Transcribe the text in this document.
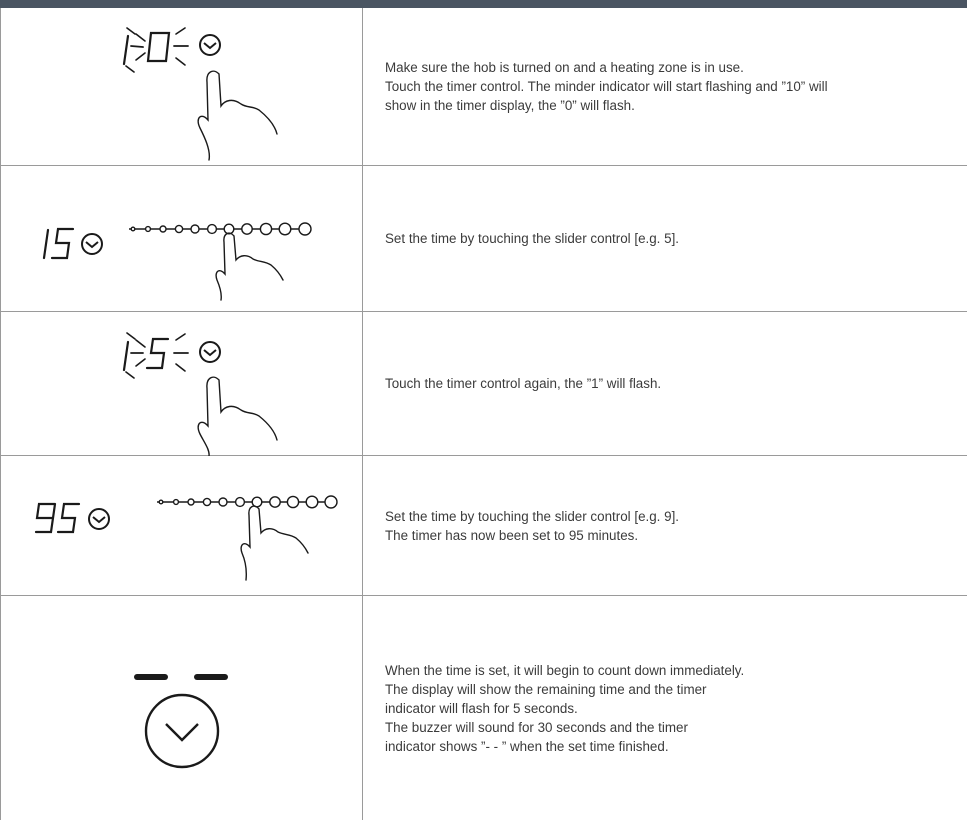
Make sure the hob is turned on and a heating zone is in use.
Touch the timer control. The minder indicator will start flashing and ”10” will
show in the timer display, the ”0” will flash.
Set the time by touching the slider control [e.g. 5].
Touch the timer control again, the ”1” will flash.
Set the time by touching the slider control [e.g. 9].
The timer has now been set to 95 minutes.
When the time is set, it will begin to count down immediately.
The display will show the remaining time and the timer
indicator will flash for 5 seconds.
The buzzer will sound for 30 seconds and the timer
indicator shows ”- - ” when the set time finished.
